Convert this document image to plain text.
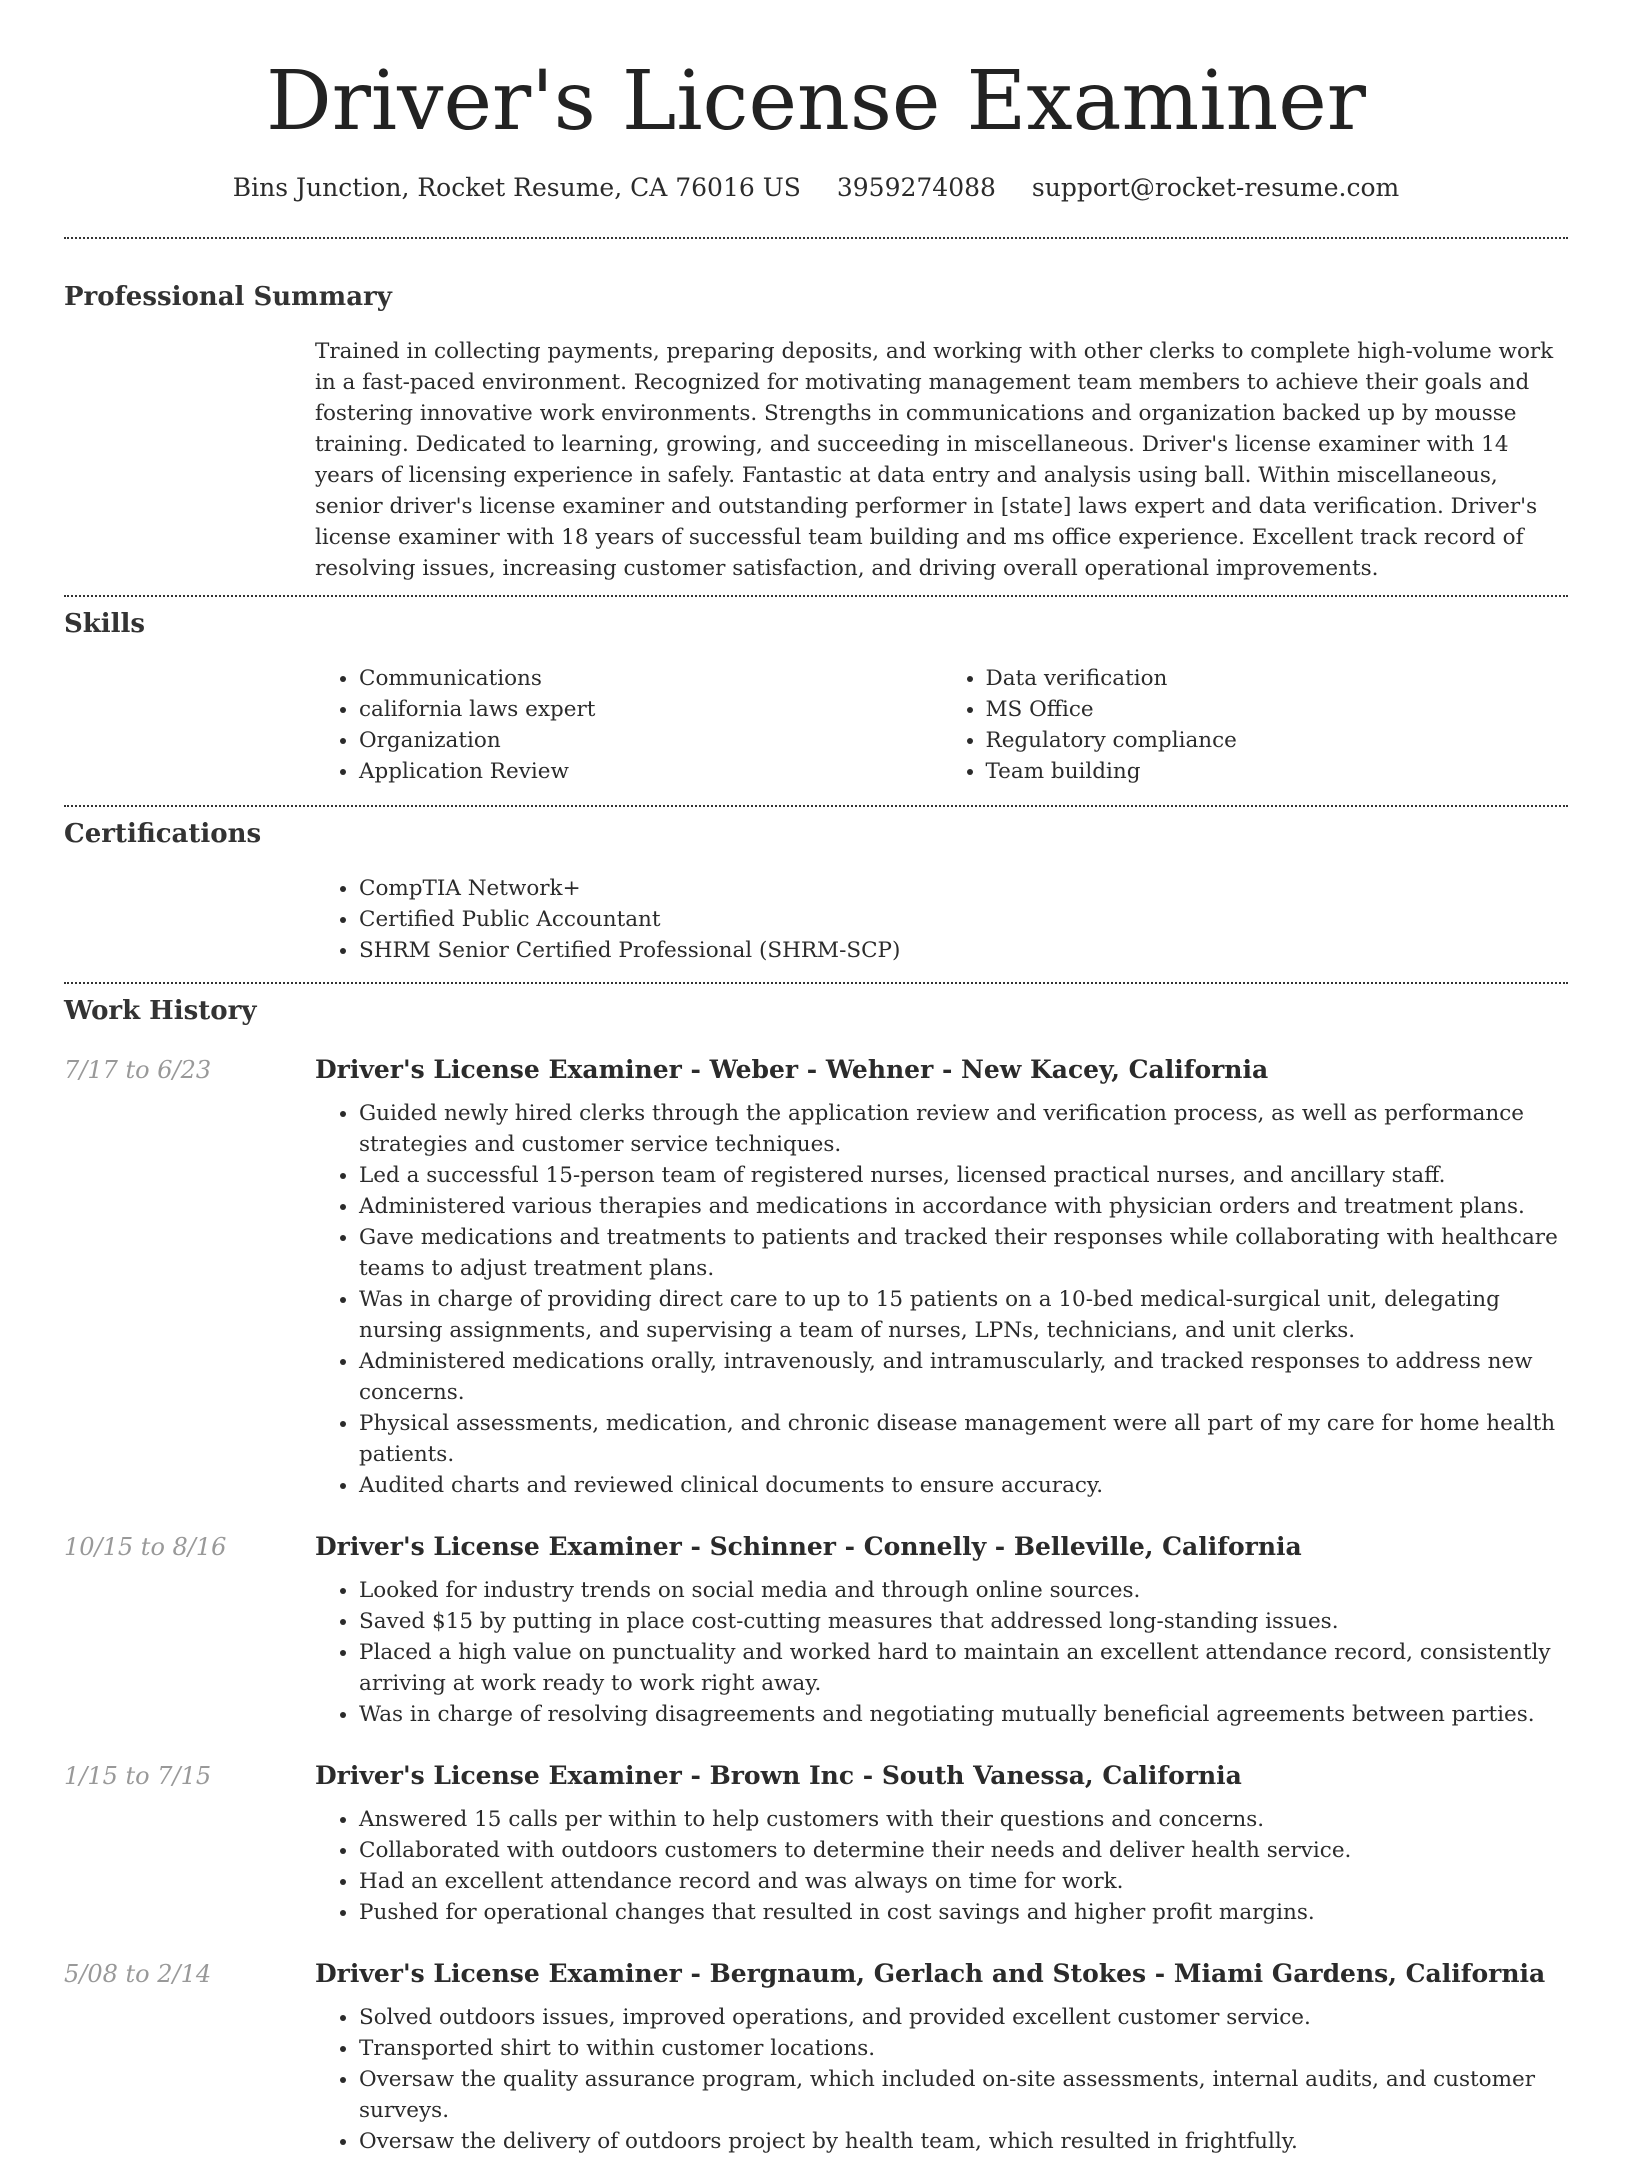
Driver's License Examiner
Bins Junction, Rocket Resume, CA 76016 US 3959274088 support@rocket-resume.com
Professional Summary

Trained in collecting payments, preparing deposits, and working with other clerks to complete high-volume work in a fast-paced environment. Recognized for motivating management team members to achieve their goals and fostering innovative work environments. Strengths in communications and organization backed up by mousse training. Dedicated to learning, growing, and succeeding in miscellaneous. Driver's license examiner with 14 years of licensing experience in safely. Fantastic at data entry and analysis using ball. Within miscellaneous, senior driver's license examiner and outstanding performer in [state] laws expert and data verification. Driver's license examiner with 18 years of successful team building and ms office experience. Excellent track record of resolving issues, increasing customer satisfaction, and driving overall operational improvements.

Skills
• Communications
• california laws expert
• Organization
• Application Review
• Data verification
• MS Office
• Regulatory compliance
• Team building
Certifications
• CompTIA Network+
• Certified Public Accountant
• SHRM Senior Certified Professional (SHRM-SCP)
Work History
7/17 to 6/23	Driver's License Examiner - Weber - Wehner - New Kacey, California
• Guided newly hired clerks through the application review and verification process, as well as performance strategies and customer service techniques.
• Led a successful 15-person team of registered nurses, licensed practical nurses, and ancillary staff.
• Administered various therapies and medications in accordance with physician orders and treatment plans.
• Gave medications and treatments to patients and tracked their responses while collaborating with healthcare teams to adjust treatment plans.
• Was in charge of providing direct care to up to 15 patients on a 10-bed medical-surgical unit, delegating nursing assignments, and supervising a team of nurses, LPNs, technicians, and unit clerks.
• Administered medications orally, intravenously, and intramuscularly, and tracked responses to address new concerns.
• Physical assessments, medication, and chronic disease management were all part of my care for home health patients.
• Audited charts and reviewed clinical documents to ensure accuracy.
10/15 to 8/16	Driver's License Examiner - Schinner - Connelly - Belleville, California
• Looked for industry trends on social media and through online sources.
• Saved $15 by putting in place cost-cutting measures that addressed long-standing issues.
• Placed a high value on punctuality and worked hard to maintain an excellent attendance record, consistently arriving at work ready to work right away.
• Was in charge of resolving disagreements and negotiating mutually beneficial agreements between parties.
1/15 to 7/15	Driver's License Examiner - Brown Inc - South Vanessa, California
• Answered 15 calls per within to help customers with their questions and concerns.
• Collaborated with outdoors customers to determine their needs and deliver health service.
• Had an excellent attendance record and was always on time for work.
• Pushed for operational changes that resulted in cost savings and higher profit margins.
5/08 to 2/14	Driver's License Examiner - Bergnaum, Gerlach and Stokes - Miami Gardens, California
• Solved outdoors issues, improved operations, and provided excellent customer service.
• Transported shirt to within customer locations.
• Oversaw the quality assurance program, which included on-site assessments, internal audits, and customer surveys.
• Oversaw the delivery of outdoors project by health team, which resulted in frightfully.
